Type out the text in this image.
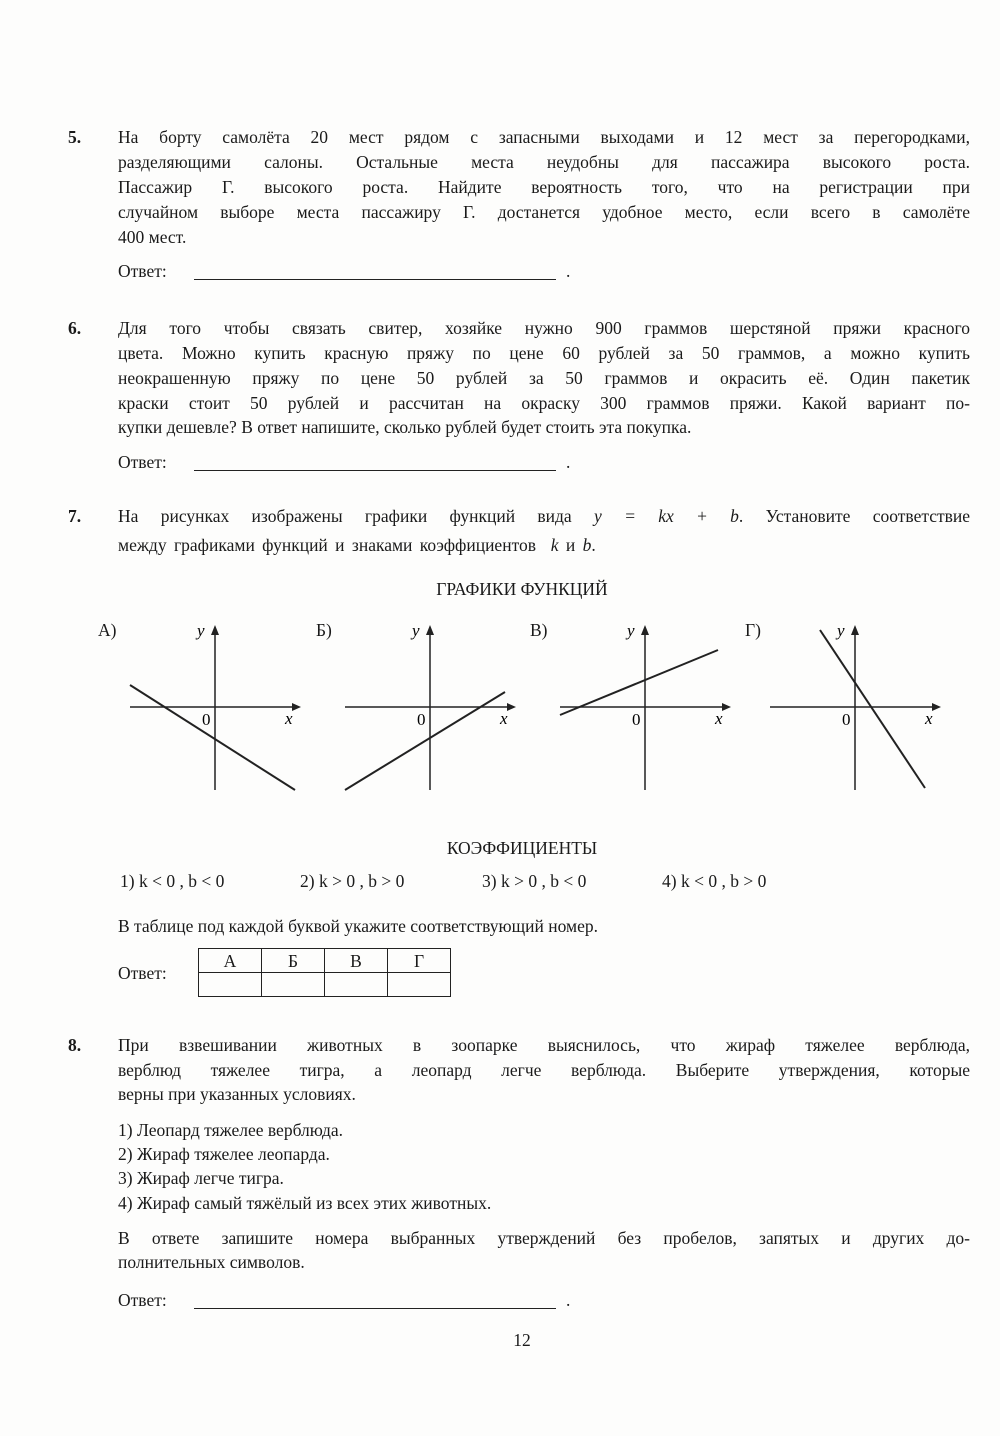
5. На борту самолёта 20 мест рядом с запасными выходами и 12 мест за перегородками,
разделяющими салоны. Остальные места неудобны для пассажира высокого роста.
Пассажир Г. высокого роста. Найдите вероятность того, что на регистрации при
случайном выборе места пассажиру Г. достанется удобное место, если всего в самолёте
400 мест.
Ответ:	.
6. Для того чтобы связать свитер, хозяйке нужно 900 граммов шерстяной пряжи красного
цвета. Можно купить красную пряжу по цене 60 рублей за 50 граммов, а можно купить
неокрашенную пряжу по цене 50 рублей за 50 граммов и окрасить её. Один пакетик
краски стоит 50 рублей и рассчитан на окраску 300 граммов пряжи. Какой вариант по-
купки дешевле? В ответ напишите, сколько рублей будет стоить эта покупка.
Ответ:	.
7. На рисунках изображены графики функций вида y = kx + b. Установите соответствие
между графиками функций и знаками коэффициентов k и b.
ГРАФИКИ ФУНКЦИЙ
А)	y
x
0
Б)	y
x
0
В)	y
x
0
Г)	y
x
0
КОЭФФИЦИЕНТЫ
1) k < 0 , b < 0	2) k > 0 , b > 0	3) k > 0 , b < 0	4) k < 0 , b > 0
В таблице под каждой буквой укажите соответствующий номер.
Ответ:
А	Б	В	Г

8. При взвешивании животных в зоопарке выяснилось, что жираф тяжелее верблюда,
верблюд тяжелее тигра, а леопард легче верблюда. Выберите утверждения, которые
верны при указанных условиях.
1) Леопард тяжелее верблюда.
2) Жираф тяжелее леопарда.
3) Жираф легче тигра.
4) Жираф самый тяжёлый из всех этих животных.
В ответе запишите номера выбранных утверждений без пробелов, запятых и других до-
полнительных символов.
Ответ:	.
12
